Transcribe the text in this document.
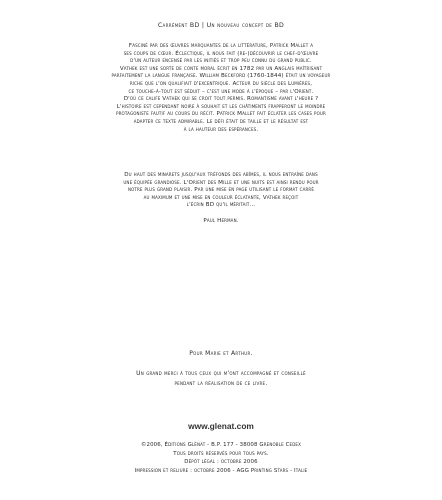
Carrément BD | Un nouveau concept de BD
Fasciné par des œuvres marquantes de la littérature, Patrick Mallet a
ses coups de cœur. Éclectique, il nous fait (re-)découvrir le chef-d'œuvre
d'un auteur encensé par les initiés et trop peu connu du grand public.
Vathek est une sorte de conte moral écrit en 1782 par un Anglais maîtrisant
parfaitement la langue française. William Beckford (1760-1844) était un voyageur
riche que l'on qualifiait d'excentrique. Acteur du siècle des Lumières,
ce touche-à-tout est séduit – c'est une mode à l'époque – par l'Orient.
D'où ce calife Vathek qui se croit tout permis. Romantisme avant l'heure ?
L'histoire est cependant noire à souhait et les châtiments frapperont le moindre
protagoniste fautif au cours du récit. Patrick Mallet fait éclater les cases pour
adapter ce texte admirable. Le défi était de taille et le résultat est
à la hauteur des espérances.
Du haut des minarets jusqu'aux tréfonds des abîmes, il nous entraîne dans
une équipée grandiose. L'Orient des Mille et une nuits est ainsi rendu pour
notre plus grand plaisir. Par une mise en page utilisant le format carré
au maximum et une mise en couleur éclatante, Vathek reçoit
l'écrin BD qu'il méritait...

Paul Herman.
Pour Marie et Arthur.
Un grand merci à tous ceux qui m'ont accompagné et conseillé
pendant la réalisation de ce livre.
www.glenat.com
©2006, Éditions Glénat - B.P. 177 - 38008 Grenoble Cedex
Tous droits réservés pour tous pays.
Dépôt légal : octobre 2006
Impression et reliure : octobre 2006 - AGG Printing Stars - Italie
